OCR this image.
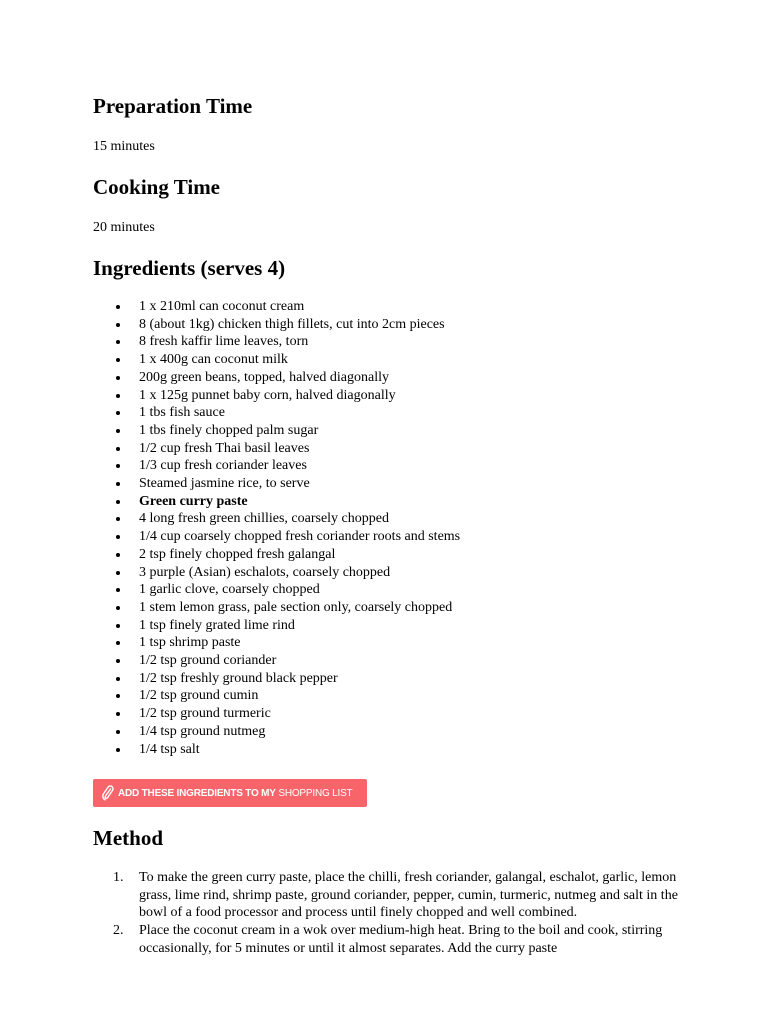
Preparation Time

15 minutes

Cooking Time

20 minutes

Ingredients (serves 4)
1 x 210ml can coconut cream
8 (about 1kg) chicken thigh fillets, cut into 2cm pieces
8 fresh kaffir lime leaves, torn
1 x 400g can coconut milk
200g green beans, topped, halved diagonally
1 x 125g punnet baby corn, halved diagonally
1 tbs fish sauce
1 tbs finely chopped palm sugar
1/2 cup fresh Thai basil leaves
1/3 cup fresh coriander leaves
Steamed jasmine rice, to serve
Green curry paste
4 long fresh green chillies, coarsely chopped
1/4 cup coarsely chopped fresh coriander roots and stems
2 tsp finely chopped fresh galangal
3 purple (Asian) eschalots, coarsely chopped
1 garlic clove, coarsely chopped
1 stem lemon grass, pale section only, coarsely chopped
1 tsp finely grated lime rind
1 tsp shrimp paste
1/2 tsp ground coriander
1/2 tsp freshly ground black pepper
1/2 tsp ground cumin
1/2 tsp ground turmeric
1/4 tsp ground nutmeg
1/4 tsp salt
ADD THESE INGREDIENTS TO MY
SHOPPING LIST
Method
1. To make the green curry paste, place the chilli, fresh coriander, galangal, eschalot, garlic, lemon grass, lime rind, shrimp paste, ground coriander, pepper, cumin, turmeric, nutmeg and salt in the bowl of a food processor and process until finely chopped and well combined.
2. Place the coconut cream in a wok over medium-high heat. Bring to the boil and cook, stirring occasionally, for 5 minutes or until it almost separates. Add the curry paste
